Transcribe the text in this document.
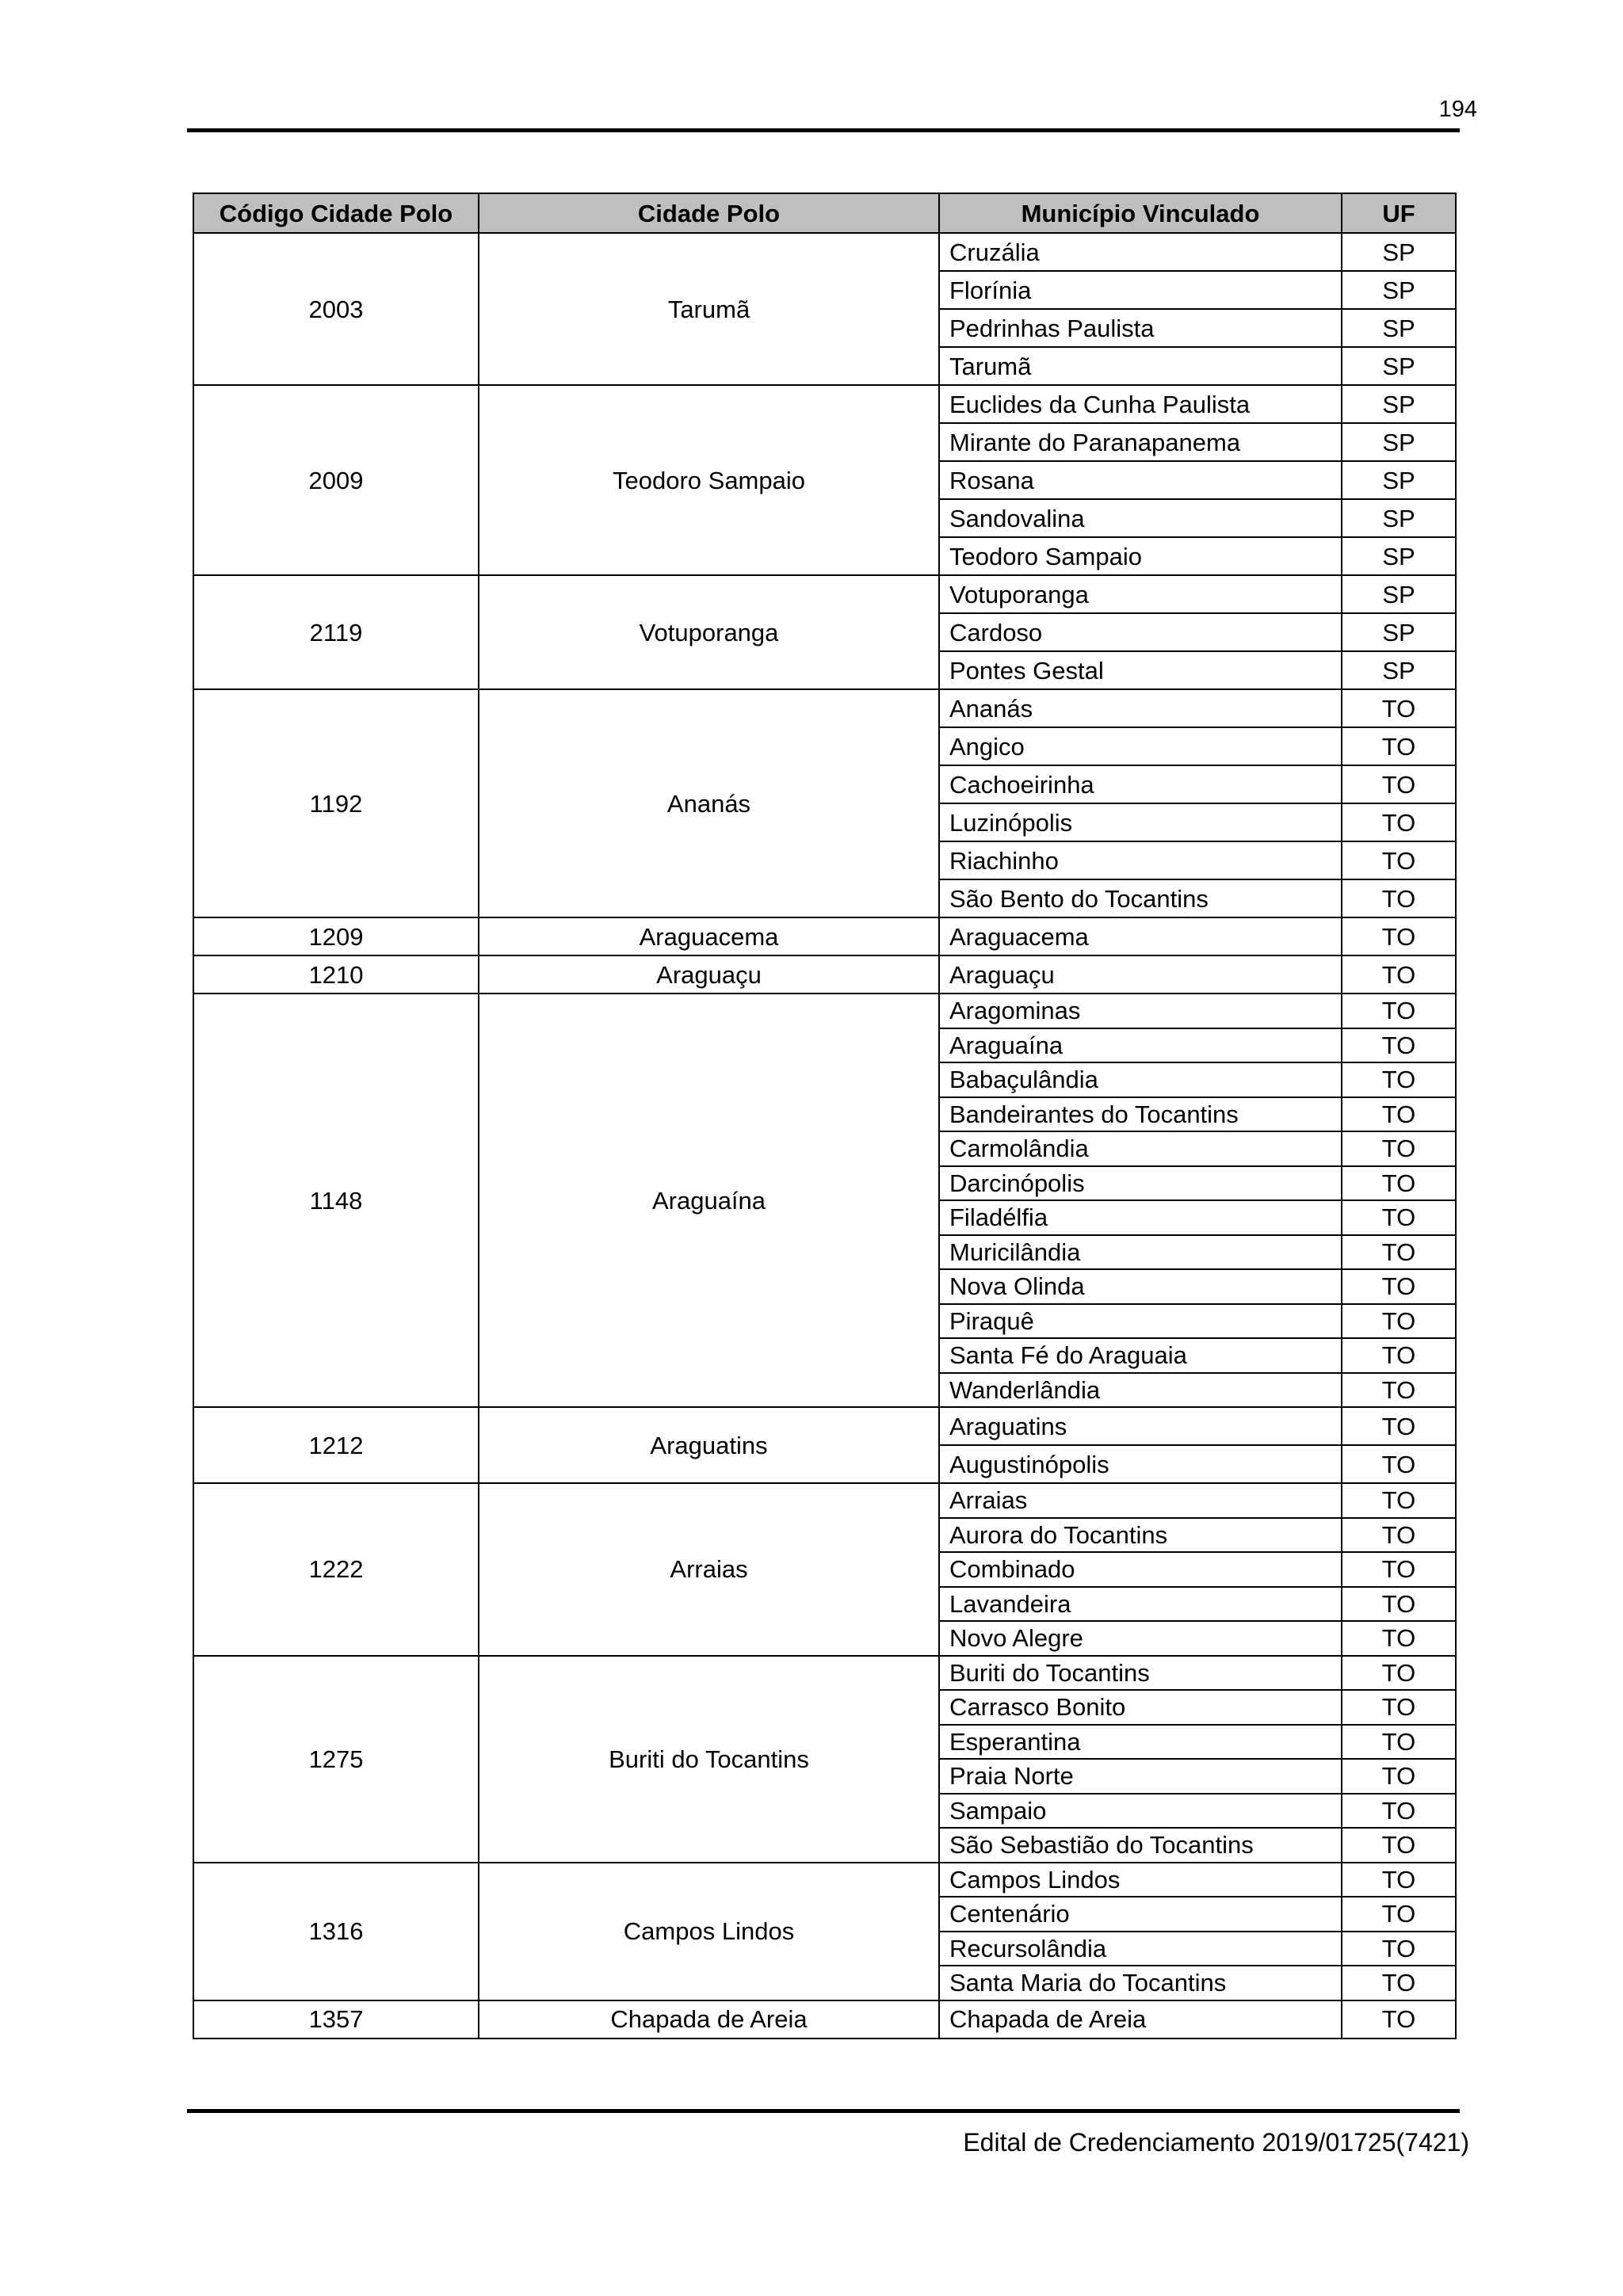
194
Código Cidade Polo	Cidade Polo	Município Vinculado	UF
2003	Tarumã	Cruzália	SP
		Florínia	SP
		Pedrinhas Paulista	SP
		Tarumã	SP
2009	Teodoro Sampaio	Euclides da Cunha Paulista	SP
		Mirante do Paranapanema	SP
		Rosana	SP
		Sandovalina	SP
		Teodoro Sampaio	SP
2119	Votuporanga	Votuporanga	SP
		Cardoso	SP
		Pontes Gestal	SP
1192	Ananás	Ananás	TO
		Angico	TO
		Cachoeirinha	TO
		Luzinópolis	TO
		Riachinho	TO
		São Bento do Tocantins	TO
1209	Araguacema	Araguacema	TO
1210	Araguaçu	Araguaçu	TO
1148	Araguaína	Aragominas	TO
		Araguaína	TO
		Babaçulândia	TO
		Bandeirantes do Tocantins	TO
		Carmolândia	TO
		Darcinópolis	TO
		Filadélfia	TO
		Muricilândia	TO
		Nova Olinda	TO
		Piraquê	TO
		Santa Fé do Araguaia	TO
		Wanderlândia	TO
1212	Araguatins	Araguatins	TO
		Augustinópolis	TO
1222	Arraias	Arraias	TO
		Aurora do Tocantins	TO
		Combinado	TO
		Lavandeira	TO
		Novo Alegre	TO
1275	Buriti do Tocantins	Buriti do Tocantins	TO
		Carrasco Bonito	TO
		Esperantina	TO
		Praia Norte	TO
		Sampaio	TO
		São Sebastião do Tocantins	TO
1316	Campos Lindos	Campos Lindos	TO
		Centenário	TO
		Recursolândia	TO
		Santa Maria do Tocantins	TO
1357	Chapada de Areia	Chapada de Areia	TO
Edital de Credenciamento 2019/01725(7421)
